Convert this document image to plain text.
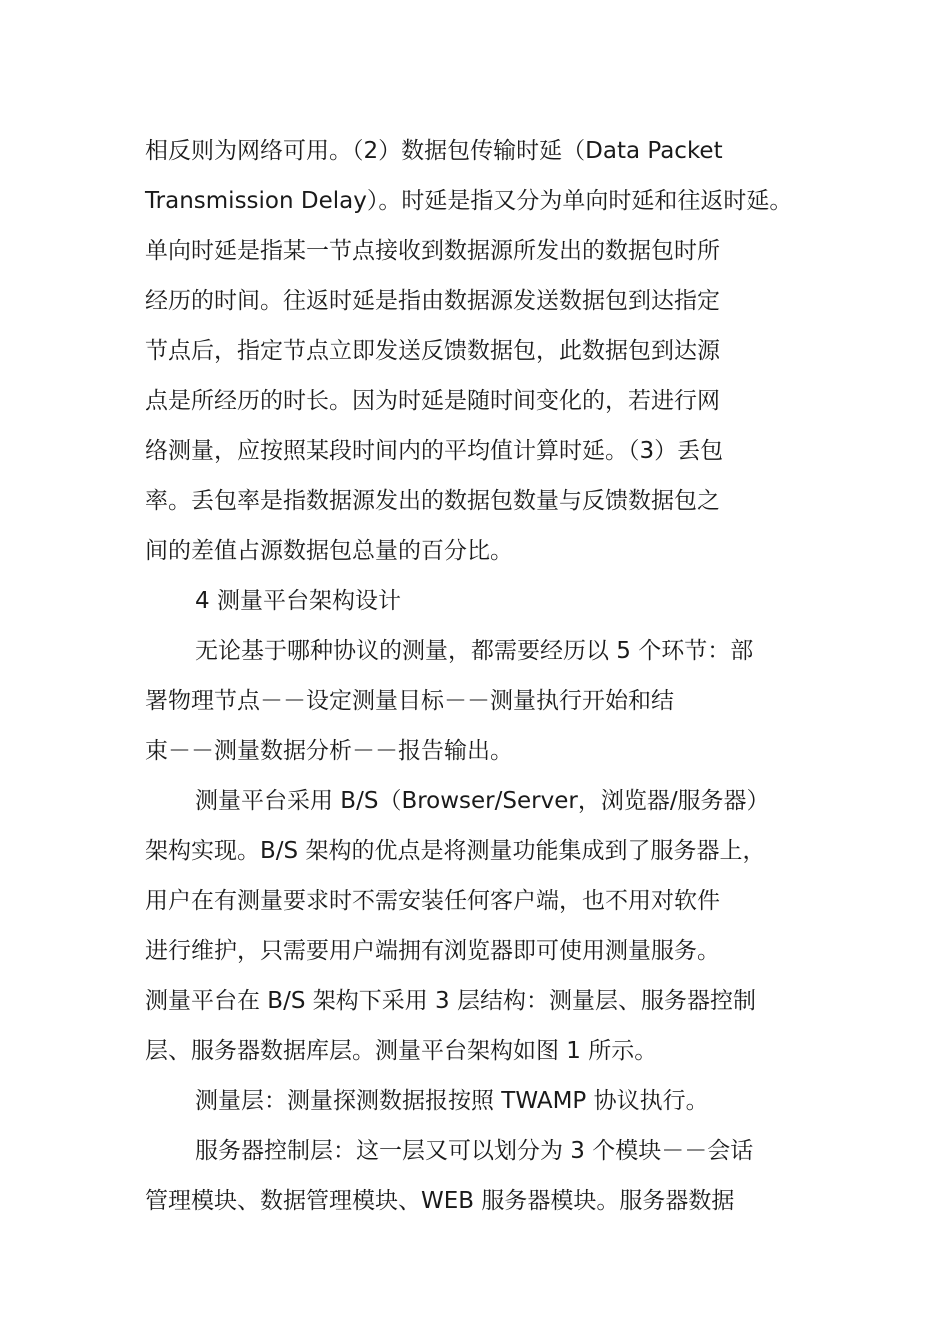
相反则为网络可用。（2）数据包传输时延（Data Packet
Transmission Delay）。时延是指又分为单向时延和往返时延。
单向时延是指某一节点接收到数据源所发出的数据包时所
经历的时间。往返时延是指由数据源发送数据包到达指定
节点后，指定节点立即发送反馈数据包，此数据包到达源
点是所经历的时长。因为时延是随时间变化的，若进行网
络测量，应按照某段时间内的平均值计算时延。（3）丢包
率。丢包率是指数据源发出的数据包数量与反馈数据包之
间的差值占源数据包总量的百分比。
4 测量平台架构设计
无论基于哪种协议的测量，都需要经历以 5 个环节：部
署物理节点－－设定测量目标－－测量执行开始和结
束－－测量数据分析－－报告输出。
测量平台采用 B/S（Browser/Server，浏览器/服务器）
架构实现。B/S 架构的优点是将测量功能集成到了服务器上，
用户在有测量要求时不需安装任何客户端，也不用对软件
进行维护，只需要用户端拥有浏览器即可使用测量服务。
测量平台在 B/S 架构下采用 3 层结构：测量层、服务器控制
层、服务器数据库层。测量平台架构如图 1 所示。
测量层：测量探测数据报按照 TWAMP 协议执行。
服务器控制层：这一层又可以划分为 3 个模块－－会话
管理模块、数据管理模块、WEB 服务器模块。服务器数据
